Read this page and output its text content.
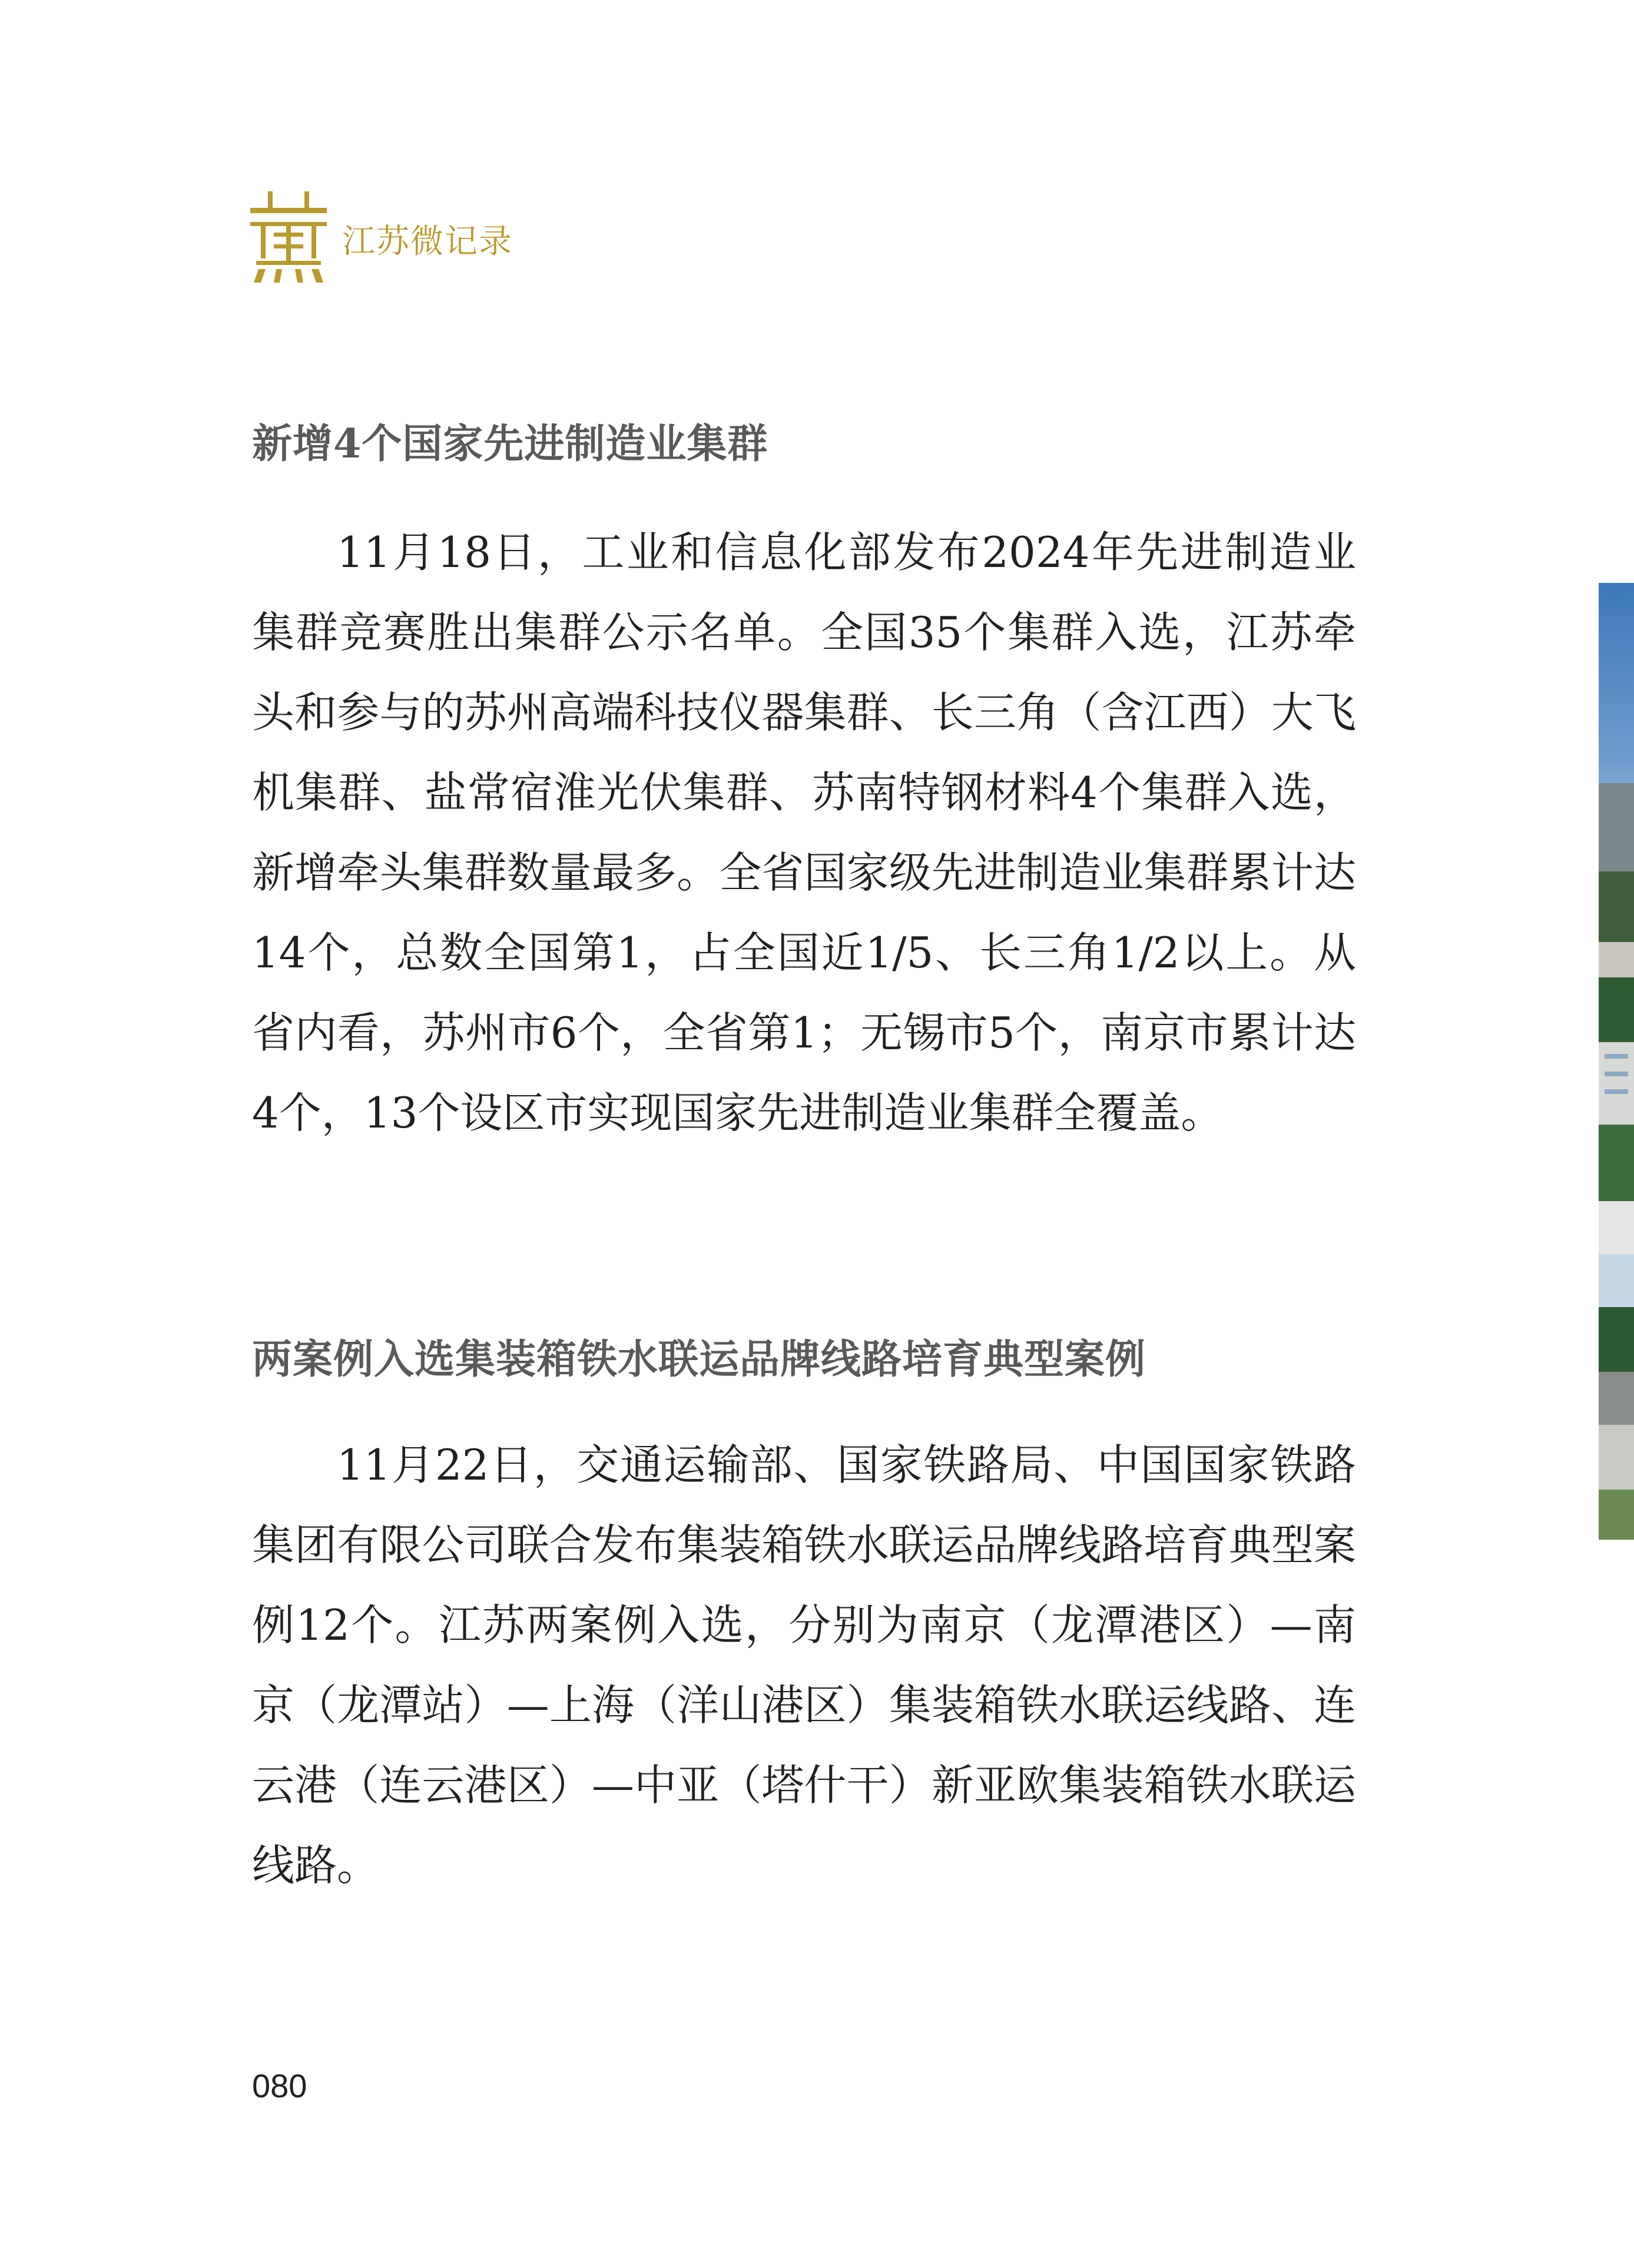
江苏微记录
新增4个国家先进制造业集群

11月18日，工业和信息化部发布2024年先进制造业集群竞赛胜出集群公示名单。全国35个集群入选，江苏牵头和参与的苏州高端科技仪器集群、长三角（含江西）大飞机集群、盐常宿淮光伏集群、苏南特钢材料4个集群入选，新增牵头集群数量最多。全省国家级先进制造业集群累计达14个，总数全国第1，占全国近1/5、长三角1/2以上。从省内看，苏州市6个，全省第1；无锡市5个，南京市累计达4个，13个设区市实现国家先进制造业集群全覆盖。

两案例入选集装箱铁水联运品牌线路培育典型案例

11月22日，交通运输部、国家铁路局、中国国家铁路集团有限公司联合发布集装箱铁水联运品牌线路培育典型案例12个。江苏两案例入选，分别为南京（龙潭港区）—南京（龙潭站）—上海（洋山港区）集装箱铁水联运线路、连云港（连云港区）—中亚（塔什干）新亚欧集装箱铁水联运线路。

080
